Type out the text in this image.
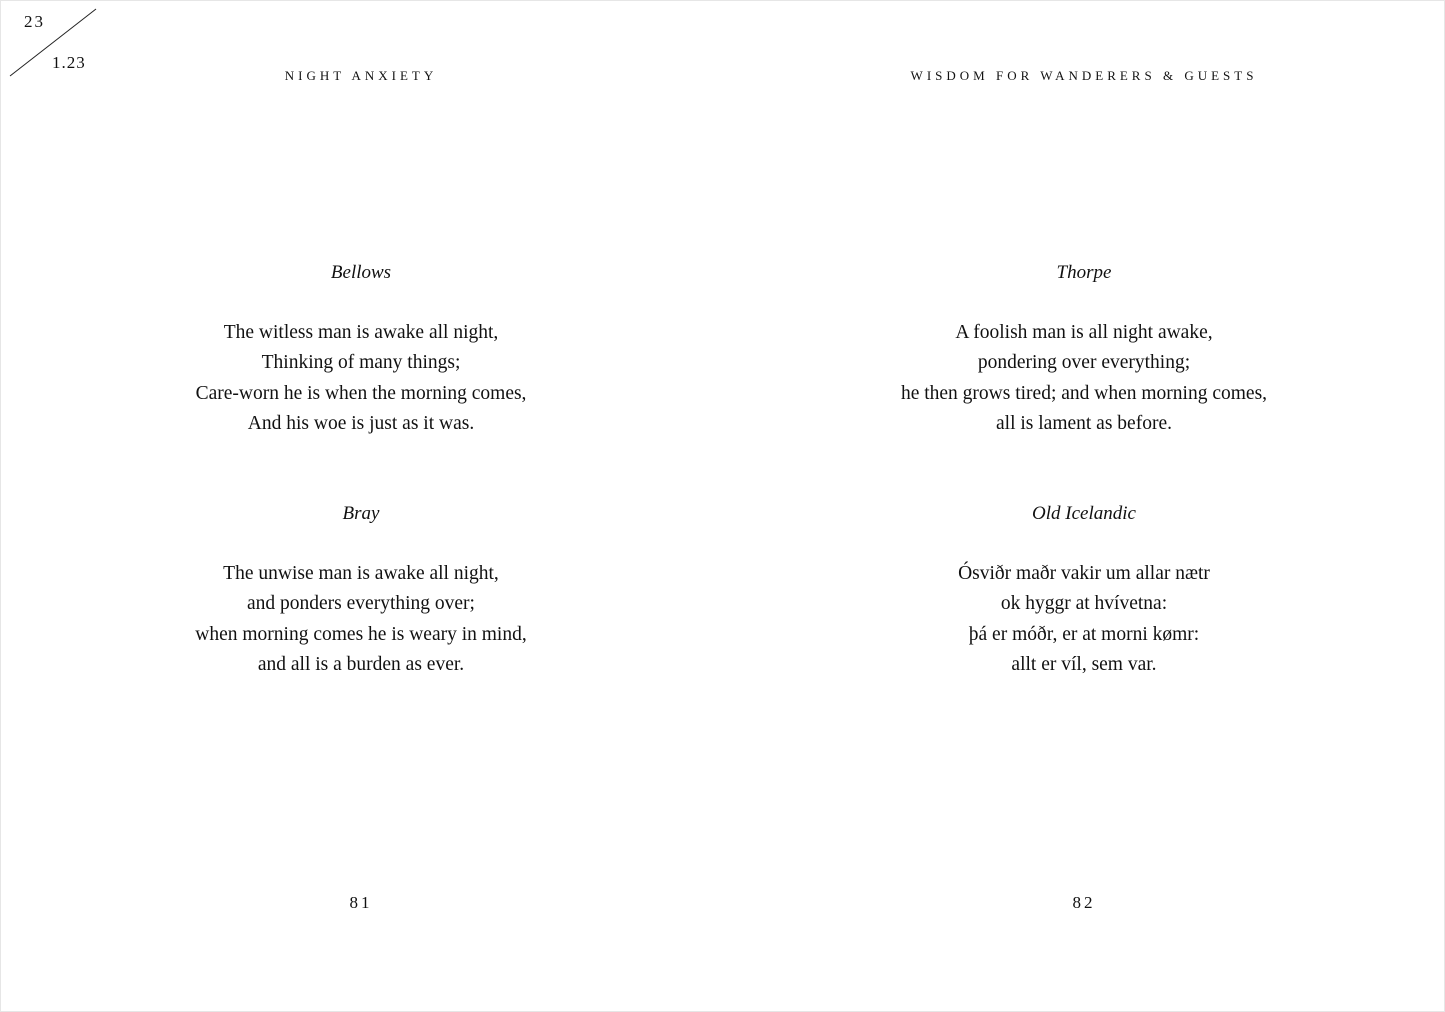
23
1.23
NIGHT ANXIETY
Bellows
The witless man is awake all night,
Thinking of many things;
Care-worn he is when the morning comes,
And his woe is just as it was.
Bray
The unwise man is awake all night,
and ponders everything over;
when morning comes he is weary in mind,
and all is a burden as ever.
81
WISDOM FOR WANDERERS & GUESTS
Thorpe
A foolish man is all night awake,
pondering over everything;
he then grows tired; and when morning comes,
all is lament as before.
Old Icelandic
Ósviðr maðr vakir um allar nætr
ok hyggr at hvívetna:
þá er móðr, er at morni kømr:
allt er víl, sem var.
82
